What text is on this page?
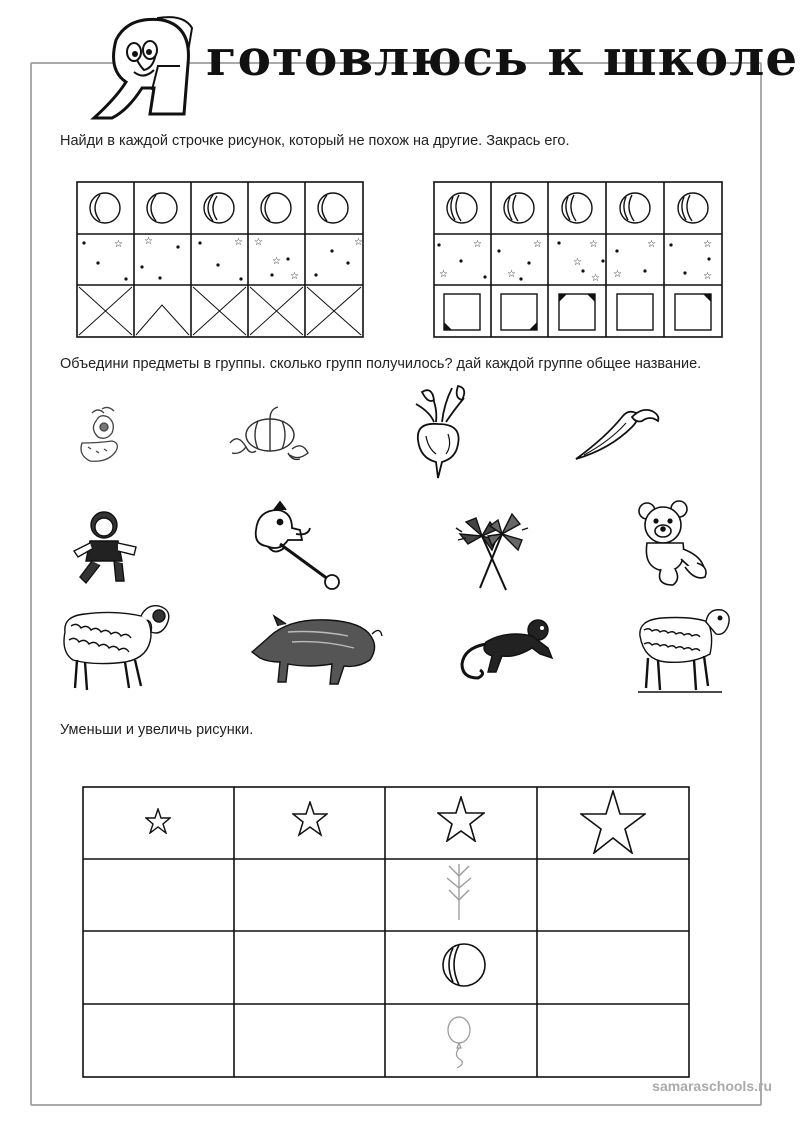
готовлюсь к школе
Найди в каждой строчке рисунок, который не похож на другие. Закрась его.
☆ ☆	☆ ☆
☆
☆
☆	☆
☆
☆
☆
☆
☆
☆
☆
☆
☆
☆
Объедини предметы в группы. сколько групп получилось? дай каждой группе общее название.
Уменьши и увеличь рисунки.
samaraschools.ru
